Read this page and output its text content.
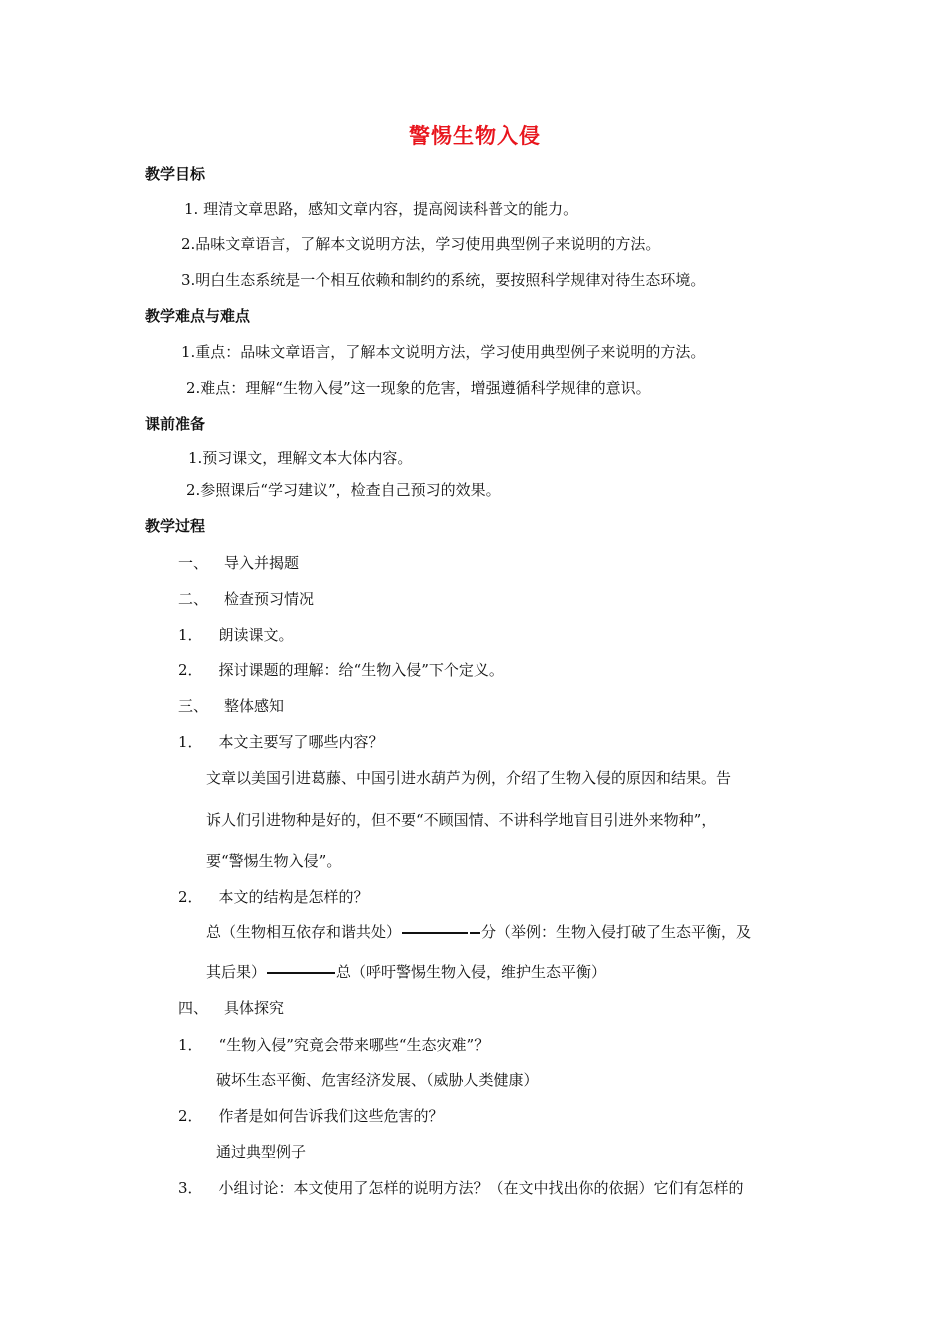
警惕生物入侵
教学目标
1. 理清文章思路，感知文章内容，提高阅读科普文的能力。
2.品味文章语言，了解本文说明方法，学习使用典型例子来说明的方法。
3.明白生态系统是一个相互依赖和制约的系统，要按照科学规律对待生态环境。
教学难点与难点
1.重点：品味文章语言，了解本文说明方法，学习使用典型例子来说明的方法。
2.难点：理解“生物入侵”这一现象的危害，增强遵循科学规律的意识。
课前准备
1.预习课文，理解文本大体内容。
2.参照课后“学习建议”，检查自己预习的效果。
教学过程
一、 导入并揭题
二、 检查预习情况
1． 朗读课文。
2． 探讨课题的理解：给“生物入侵”下个定义。
三、 整体感知
1． 本文主要写了哪些内容？
文章以美国引进葛藤、中国引进水葫芦为例，介绍了生物入侵的原因和结果。告
诉人们引进物种是好的，但不要“不顾国情、不讲科学地盲目引进外来物种”，
要“警惕生物入侵”。
2． 本文的结构是怎样的？
总（生物相互依存和谐共处）	分（举例：生物入侵打破了生态平衡，及
其后果）	总（呼吁警惕生物入侵，维护生态平衡）
四、 具体探究
1． “生物入侵”究竟会带来哪些“生态灾难”？
破坏生态平衡、危害经济发展、（威胁人类健康）
2． 作者是如何告诉我们这些危害的？
通过典型例子
3． 小组讨论：本文使用了怎样的说明方法？（在文中找出你的依据）它们有怎样的
